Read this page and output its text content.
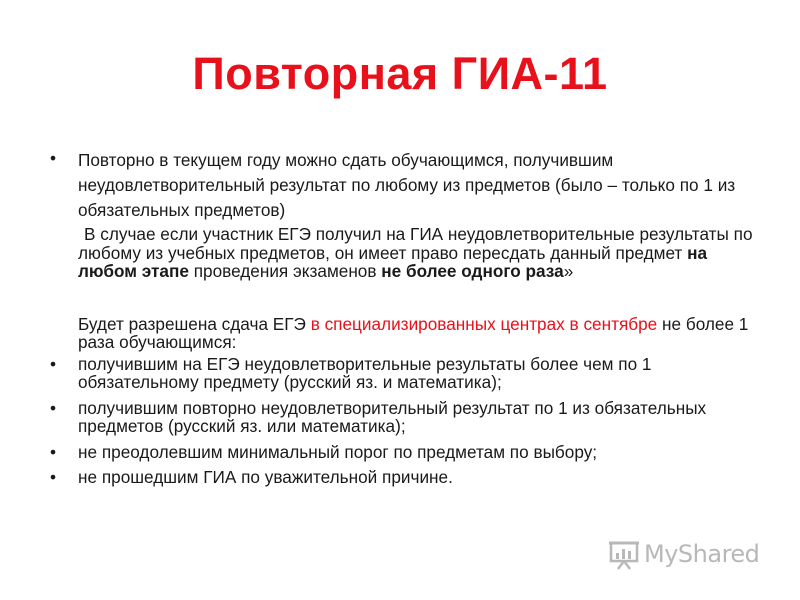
Повторная ГИА-11
• Повторно в текущем году можно сдать обучающимся, получившим неудовлетворительный результат по любому из предметов (было – только по 1 из обязательных предметов)

В случае если участник ЕГЭ получил на ГИА неудовлетворительные результаты по любому из учебных предметов, он имеет право пересдать данный предмет на любом этапе проведения экзаменов не более одного раза»

Будет разрешена сдача ЕГЭ в специализированных центрах в сентябре не более 1 раза обучающимся:

• получившим на ЕГЭ неудовлетворительные результаты более чем по 1 обязательному предмету (русский яз. и математика);
• получившим повторно неудовлетворительный результат по 1 из обязательных предметов (русский яз. или математика);
• не преодолевшим минимальный порог по предметам по выбору;
• не прошедшим ГИА по уважительной причине.
MyShared
